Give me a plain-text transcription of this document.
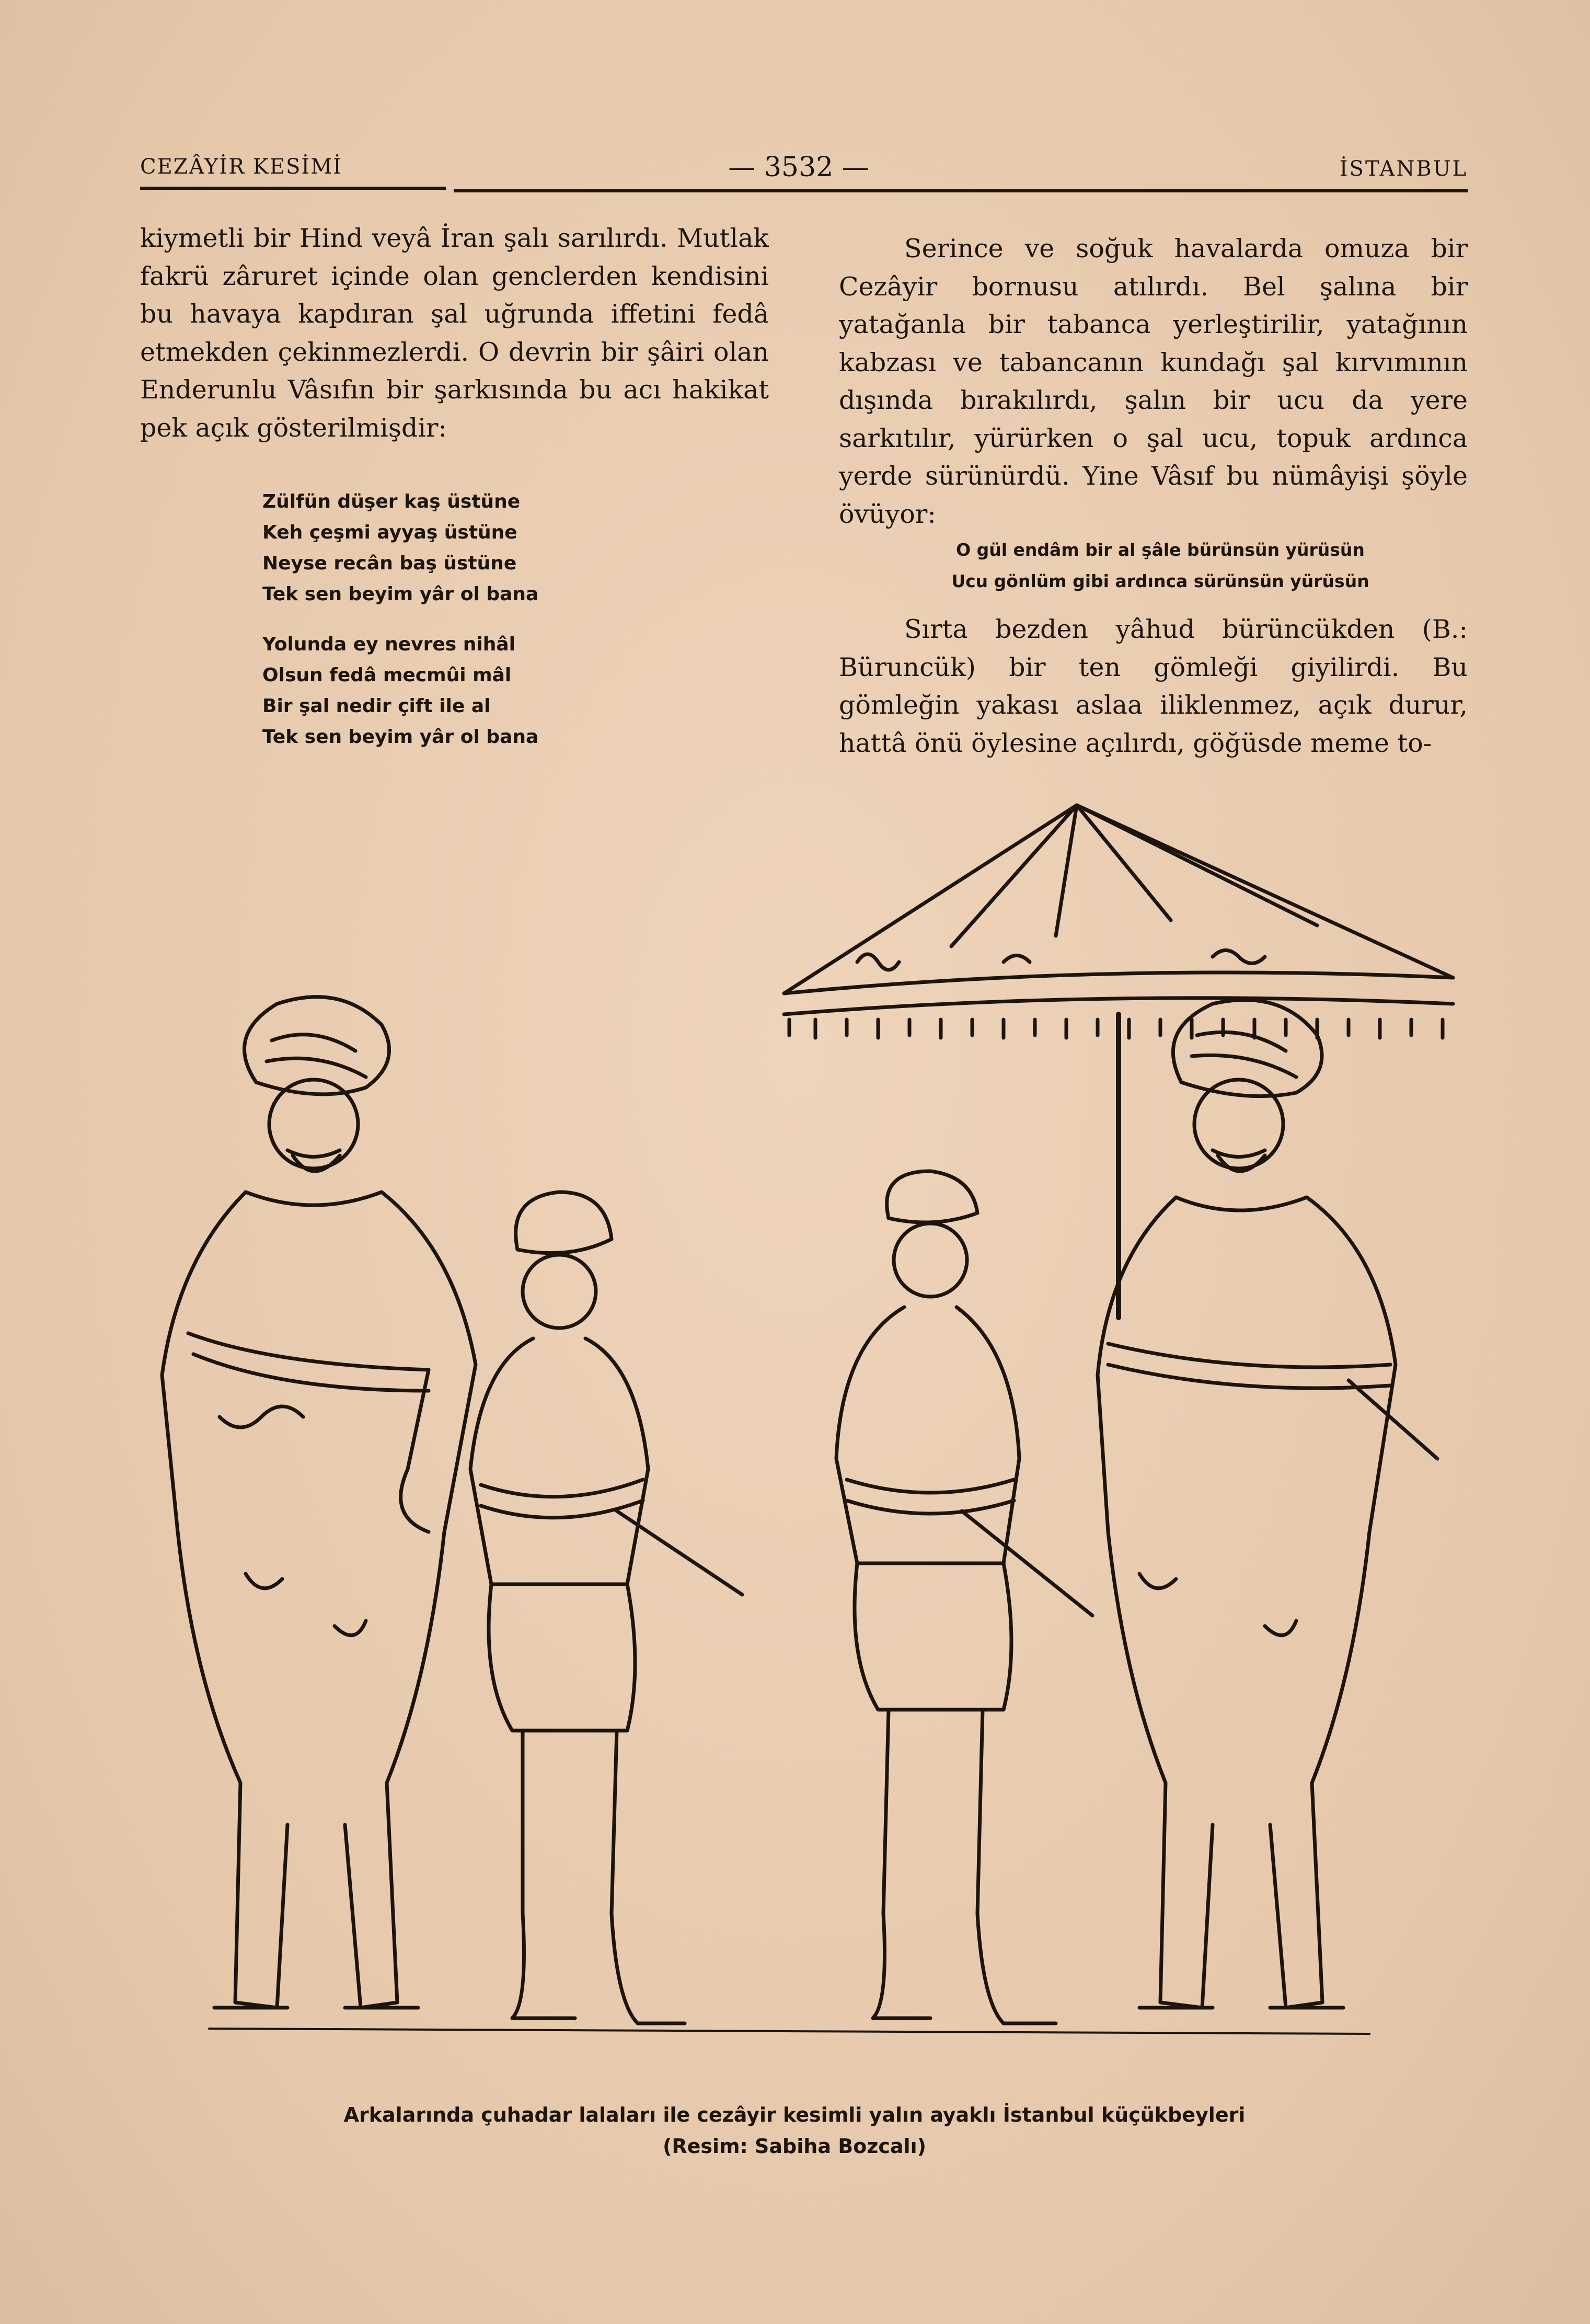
CEZÂYİR KESİMİ	— 3532 —	İSTANBUL

kiymetli bir Hind veyâ İran şalı sarılırdı. Mutlak fakrü zâruret içinde olan genclerden kendisini bu havaya kapdıran şal uğrunda iffetini fedâ etmekden çekinmezlerdi. O devrin bir şâiri olan Enderunlu Vâsıfın bir şarkısında bu acı hakikat pek açık gösterilmişdir:

Zülfün düşer kaş üstüne
Keh çeşmi ayyaş üstüne
Neyse recân baş üstüne
Tek sen beyim yâr ol bana
Yolunda ey nevres nihâl
Olsun fedâ mecmûi mâl
Bir şal nedir çift ile al
Tek sen beyim yâr ol bana

Serince ve soğuk havalarda omuza bir Cezâyir bornusu atılırdı. Bel şalına bir yatağanla bir tabanca yerleştirilir, yatağının kabzası ve tabancanın kundağı şal kırvımının dışında bırakılırdı, şalın bir ucu da yere sarkıtılır, yürürken o şal ucu, topuk ardınca yerde sürünürdü. Yine Vâsıf bu nümâyişi şöyle övüyor:

O gül endâm bir al şâle bürünsün yürüsün
Ucu gönlüm gibi ardınca sürünsün yürüsün

Sırta bezden yâhud bürüncükden (B.: Büruncük) bir ten gömleği giyilirdi. Bu gömleğin yakası aslaa iliklenmez, açık durur, hattâ önü öylesine açılırdı, göğüsde meme to-

Arkalarında çuhadar lalaları ile cezâyir kesimli yalın ayaklı İstanbul küçükbeyleri
(Resim: Sabiha Bozcalı)
